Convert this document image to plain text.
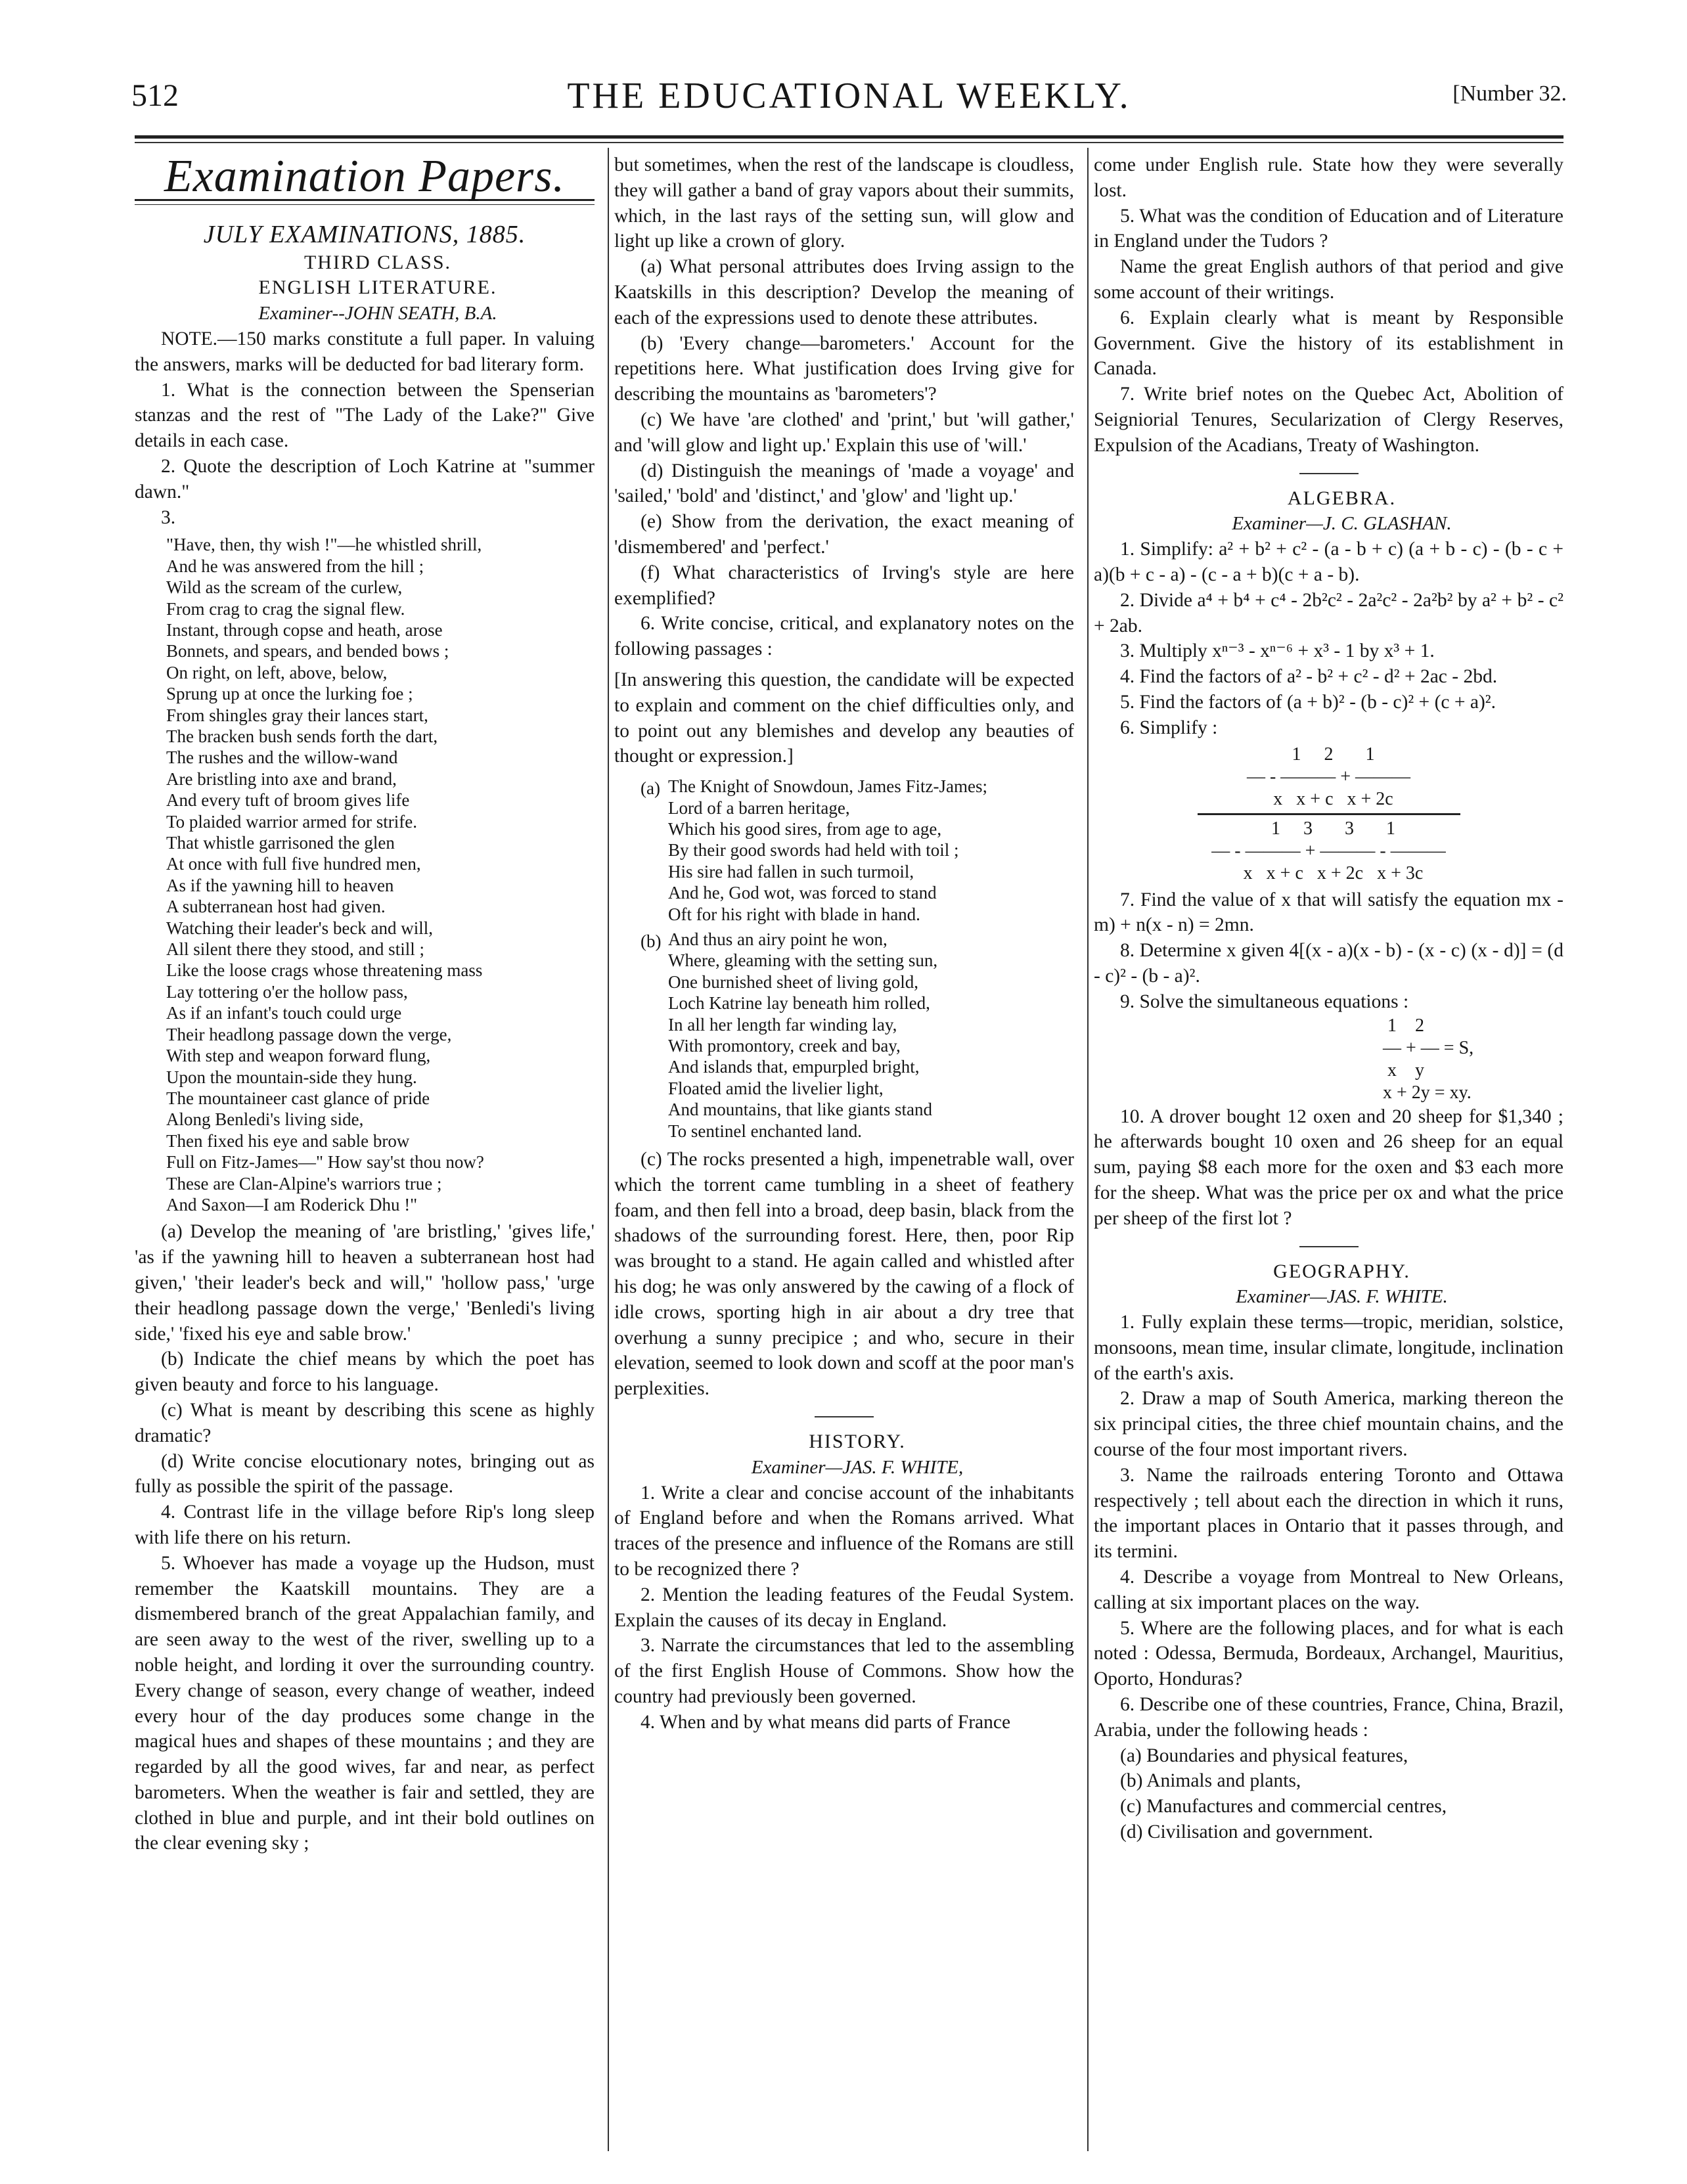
512	THE EDUCATIONAL WEEKLY.	[Number 32.
Examination Papers.
JULY EXAMINATIONS, 1885.

THIRD CLASS.

ENGLISH LITERATURE.

Examiner--JOHN SEATH, B.A.

NOTE.—150 marks constitute a full paper. In valuing the answers, marks will be deducted for bad literary form.

1. What is the connection between the Spenserian stanzas and the rest of "The Lady of the Lake?" Give details in each case.

2. Quote the description of Loch Katrine at "summer dawn."

3.

"Have, then, thy wish !"—he whistled shrill,
And he was answered from the hill ;
Wild as the scream of the curlew,
From crag to crag the signal flew.
Instant, through copse and heath, arose
Bonnets, and spears, and bended bows ;
On right, on left, above, below,
Sprung up at once the lurking foe ;
From shingles gray their lances start,
The bracken bush sends forth the dart,
The rushes and the willow-wand
Are bristling into axe and brand,
And every tuft of broom gives life
To plaided warrior armed for strife.
That whistle garrisoned the glen
At once with full five hundred men,
As if the yawning hill to heaven
A subterranean host had given.
Watching their leader's beck and will,
All silent there they stood, and still ;
Like the loose crags whose threatening mass
Lay tottering o'er the hollow pass,
As if an infant's touch could urge
Their headlong passage down the verge,
With step and weapon forward flung,
Upon the mountain-side they hung.
The mountaineer cast glance of pride
Along Benledi's living side,
Then fixed his eye and sable brow
Full on Fitz-James—" How say'st thou now?
These are Clan-Alpine's warriors true ;
And Saxon—I am Roderick Dhu !"

(a) Develop the meaning of 'are bristling,' 'gives life,' 'as if the yawning hill to heaven a subterranean host had given,' 'their leader's beck and will," 'hollow pass,' 'urge their headlong passage down the verge,' 'Benledi's living side,' 'fixed his eye and sable brow.'

(b) Indicate the chief means by which the poet has given beauty and force to his language.

(c) What is meant by describing this scene as highly dramatic?

(d) Write concise elocutionary notes, bringing out as fully as possible the spirit of the passage.

4. Contrast life in the village before Rip's long sleep with life there on his return.

5. Whoever has made a voyage up the Hudson, must remember the Kaatskill mountains. They are a dismembered branch of the great Appalachian family, and are seen away to the west of the river, swelling up to a noble height, and lording it over the surrounding country. Every change of season, every change of weather, indeed every hour of the day produces some change in the magical hues and shapes of these mountains ; and they are regarded by all the good wives, far and near, as perfect barometers. When the weather is fair and settled, they are clothed in blue and purple, and int their bold outlines on the clear evening sky ;

but sometimes, when the rest of the landscape is cloudless, they will gather a band of gray vapors about their summits, which, in the last rays of the setting sun, will glow and light up like a crown of glory.

(a) What personal attributes does Irving assign to the Kaatskills in this description? Develop the meaning of each of the expressions used to denote these attributes.

(b) 'Every change—barometers.' Account for the repetitions here. What justification does Irving give for describing the mountains as 'barometers'?

(c) We have 'are clothed' and 'print,' but 'will gather,' and 'will glow and light up.' Explain this use of 'will.'

(d) Distinguish the meanings of 'made a voyage' and 'sailed,' 'bold' and 'distinct,' and 'glow' and 'light up.'

(e) Show from the derivation, the exact meaning of 'dismembered' and 'perfect.'

(f) What characteristics of Irving's style are here exemplified?

6. Write concise, critical, and explanatory notes on the following passages :

[In answering this question, the candidate will be expected to explain and comment on the chief difficulties only, and to point out any blemishes and develop any beauties of thought or expression.]

(a) The Knight of Snowdoun, James Fitz-James;
Lord of a barren heritage,
Which his good sires, from age to age,
By their good swords had held with toil ;
His sire had fallen in such turmoil,
And he, God wot, was forced to stand
Oft for his right with blade in hand.
(b) And thus an airy point he won,
Where, gleaming with the setting sun,
One burnished sheet of living gold,
Loch Katrine lay beneath him rolled,
In all her length far winding lay,
With promontory, creek and bay,
And islands that, empurpled bright,
Floated amid the livelier light,
And mountains, that like giants stand
To sentinel enchanted land.

(c) The rocks presented a high, impenetrable wall, over which the torrent came tumbling in a sheet of feathery foam, and then fell into a broad, deep basin, black from the shadows of the surrounding forest. Here, then, poor Rip was brought to a stand. He again called and whistled after his dog; he was only answered by the cawing of a flock of idle crows, sporting high in air about a dry tree that overhung a sunny precipice ; and who, secure in their elevation, seemed to look down and scoff at the poor man's perplexities.

HISTORY.

Examiner—JAS. F. WHITE,

1. Write a clear and concise account of the inhabitants of England before and when the Romans arrived. What traces of the presence and influence of the Romans are still to be recognized there ?

2. Mention the leading features of the Feudal System. Explain the causes of its decay in England.

3. Narrate the circumstances that led to the assembling of the first English House of Commons. Show how the country had previously been governed.

4. When and by what means did parts of France

come under English rule. State how they were severally lost.

5. What was the condition of Education and of Literature in England under the Tudors ?

Name the great English authors of that period and give some account of their writings.

6. Explain clearly what is meant by Responsible Government. Give the history of its establishment in Canada.

7. Write brief notes on the Quebec Act, Abolition of Seigniorial Tenures, Secularization of Clergy Reserves, Expulsion of the Acadians, Treaty of Washington.

ALGEBRA.

Examiner—J. C. GLASHAN.

1. Simplify: a² + b² + c² - (a - b + c) (a + b - c) - (b - c + a)(b + c - a) - (c - a + b)(c + a - b).

2. Divide a⁴ + b⁴ + c⁴ - 2b²c² - 2a²c² - 2a²b² by a² + b² - c² + 2ab.

3. Multiply xⁿ⁻³ - xⁿ⁻⁶ + x³ - 1 by x³ + 1.

4. Find the factors of a² - b² + c² - d² + 2ac - 2bd.

5. Find the factors of (a + b)² - (b - c)² + (c + a)².

6. Simplify :

1     2       1
— - ——— + ———
x   x + c   x + 2c
1     3       3       1
— - ——— + ——— - ———
x   x + c   x + 2c   x + 3c

7. Find the value of x that will satisfy the equation mx - m) + n(x - n) = 2mn.

8. Determine x given 4[(x - a)(x - b) - (x - c) (x - d)] = (d - c)² - (b - a)².

9. Solve the simultaneous equations :

1    2
— + — = S,
x    y
x + 2y = xy.

10. A drover bought 12 oxen and 20 sheep for $1,340 ; he afterwards bought 10 oxen and 26 sheep for an equal sum, paying $8 each more for the oxen and $3 each more for the sheep. What was the price per ox and what the price per sheep of the first lot ?

GEOGRAPHY.

Examiner—JAS. F. WHITE.

1. Fully explain these terms—tropic, meridian, solstice, monsoons, mean time, insular climate, longitude, inclination of the earth's axis.

2. Draw a map of South America, marking thereon the six principal cities, the three chief mountain chains, and the course of the four most important rivers.

3. Name the railroads entering Toronto and Ottawa respectively ; tell about each the direction in which it runs, the important places in Ontario that it passes through, and its termini.

4. Describe a voyage from Montreal to New Orleans, calling at six important places on the way.

5. Where are the following places, and for what is each noted : Odessa, Bermuda, Bordeaux, Archangel, Mauritius, Oporto, Honduras?

6. Describe one of these countries, France, China, Brazil, Arabia, under the following heads :

(a) Boundaries and physical features,

(b) Animals and plants,

(c) Manufactures and commercial centres,

(d) Civilisation and government.
